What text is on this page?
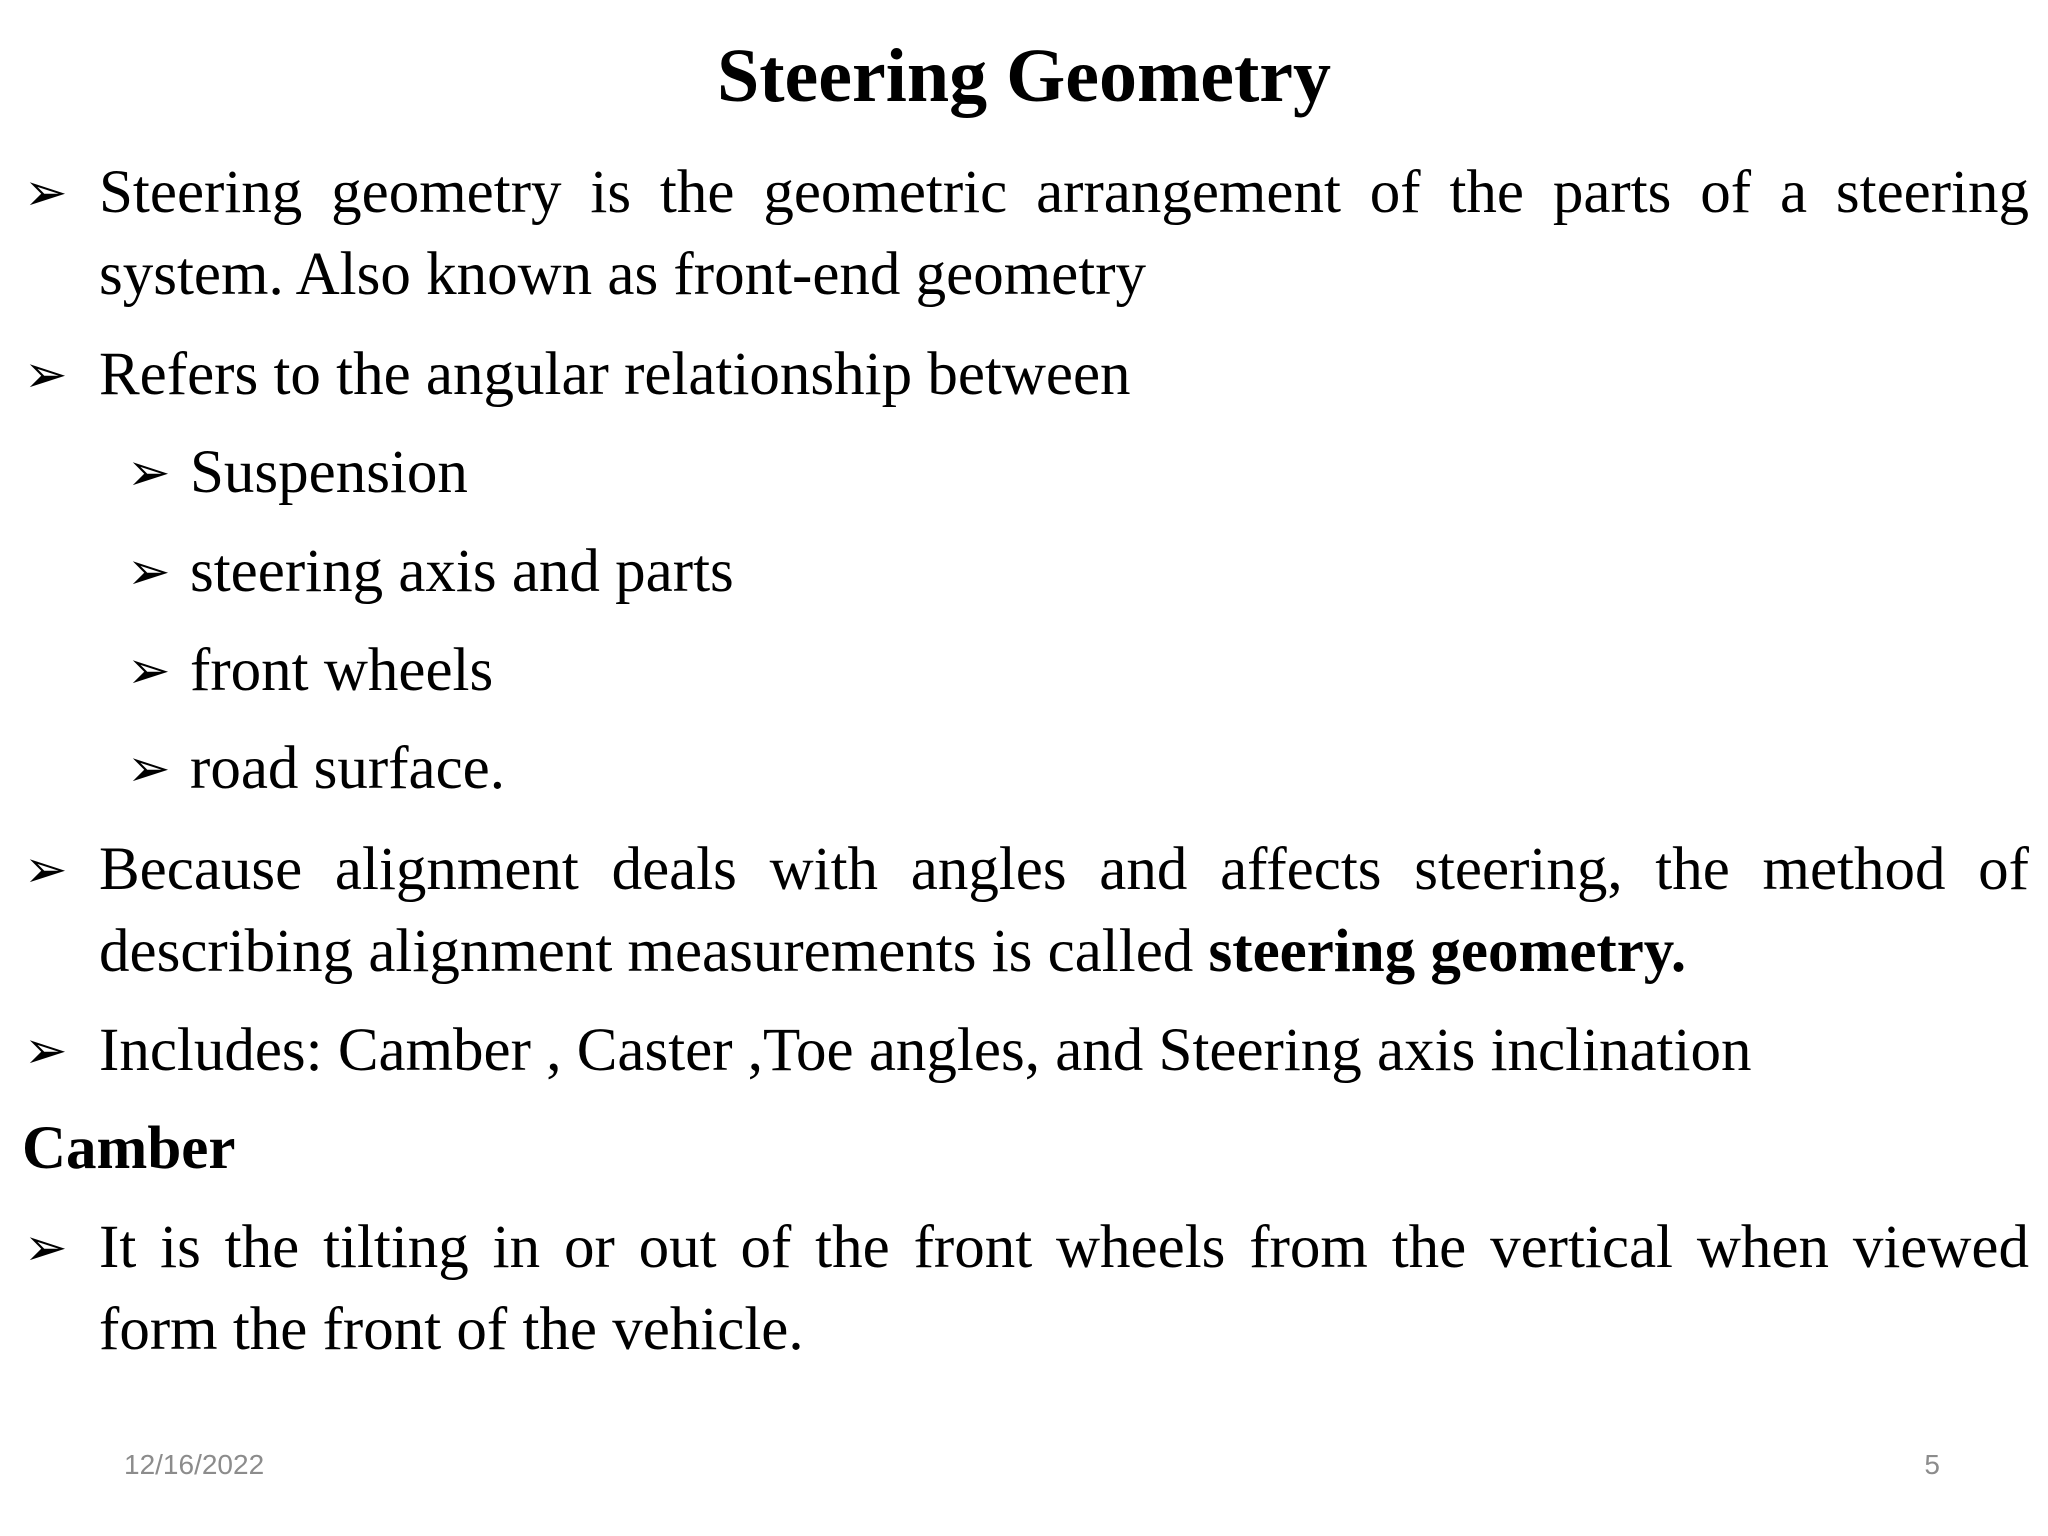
Steering Geometry
➢ Steering geometry is the geometric arrangement of the parts of a steering system. Also known as front-end geometry
➢ Refers to the angular relationship between
➢ Suspension
➢ steering axis and parts
➢ front wheels
➢ road surface.
➢ Because alignment deals with angles and affects steering, the method of describing alignment measurements is called steering geometry.
➢ Includes: Camber , Caster ,Toe angles, and Steering axis inclination
Camber
➢ It is the tilting in or out of the front wheels from the vertical when viewed form the front of the vehicle.
12/16/2022	5
